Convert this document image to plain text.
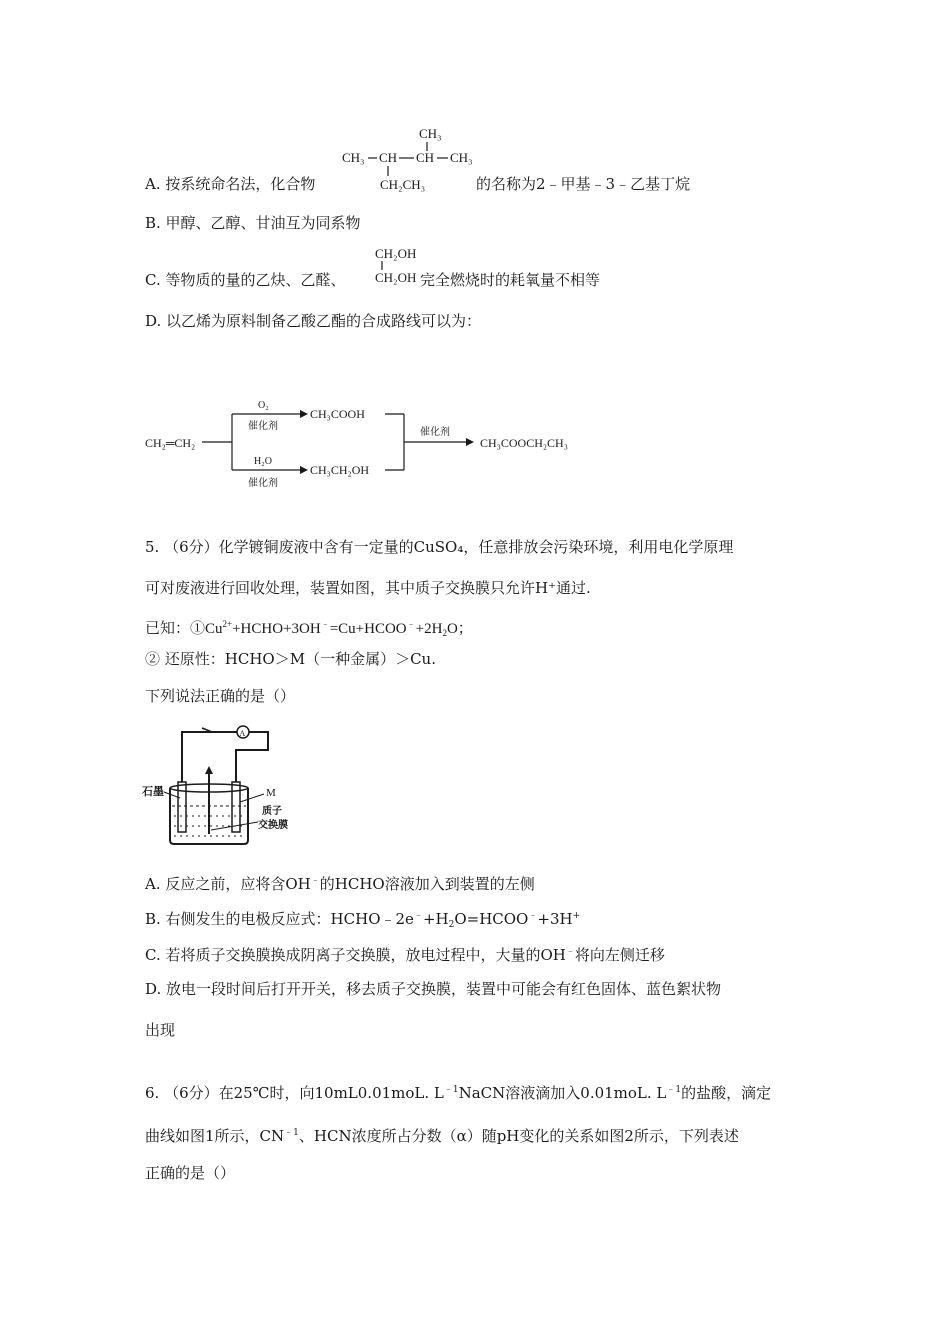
A. 按系统命名法，化合物
CH₃
CH₃ CH CH CH₃
CH₂CH₃	的名称为2﹣甲基﹣3﹣乙基丁烷
B. 甲醇、乙醇、甘油互为同系物
C. 等物质的量的乙炔、乙醛、
CH₂OH
CH₂OH 完全燃烧时的耗氧量不相等
D. 以乙烯为原料制备乙酸乙酯的合成路线可以为：
CH₂═CH₂
O₂
催化剂
CH₃COOH
H₂O
催化剂
CH₃CH₂OH
催化剂
CH₃COOCH₂CH₃
5. （6分）化学镀铜废液中含有一定量的CuSO₄，任意排放会污染环境，利用电化学原理
可对废液进行回收处理，装置如图，其中质子交换膜只允许H⁺通过.
已知：$①Cu^{2+}+HCHO+3OH^﹣=Cu+HCOO^﹣+2H_2O$；
② 还原性：HCHO＞M（一种金属）＞Cu.
下列说法正确的是（）
A
石墨	M
质子
交换膜
A. 反应之前，应将含OH﹣的HCHO溶液加入到装置的左侧
B. 右侧发生的电极反应式：$HCHO﹣2e^﹣+H_2O=HCOO^﹣+3H^+$
C. 若将质子交换膜换成阴离子交换膜，放电过程中，大量的OH﹣将向左侧迁移
D. 放电一段时间后打开开关，移去质子交换膜，装置中可能会有红色固体、蓝色絮状物
出现
6. （6分）在25℃时，向10mL0.01moL. $L^{﹣1}NaCN$溶液滴加入0.01moL. $L^{﹣1}$的盐酸，滴定
曲线如图1所示，$CN^{﹣1}$、HCN浓度所占分数（α）随pH变化的关系如图2所示，下列表述
正确的是（）
